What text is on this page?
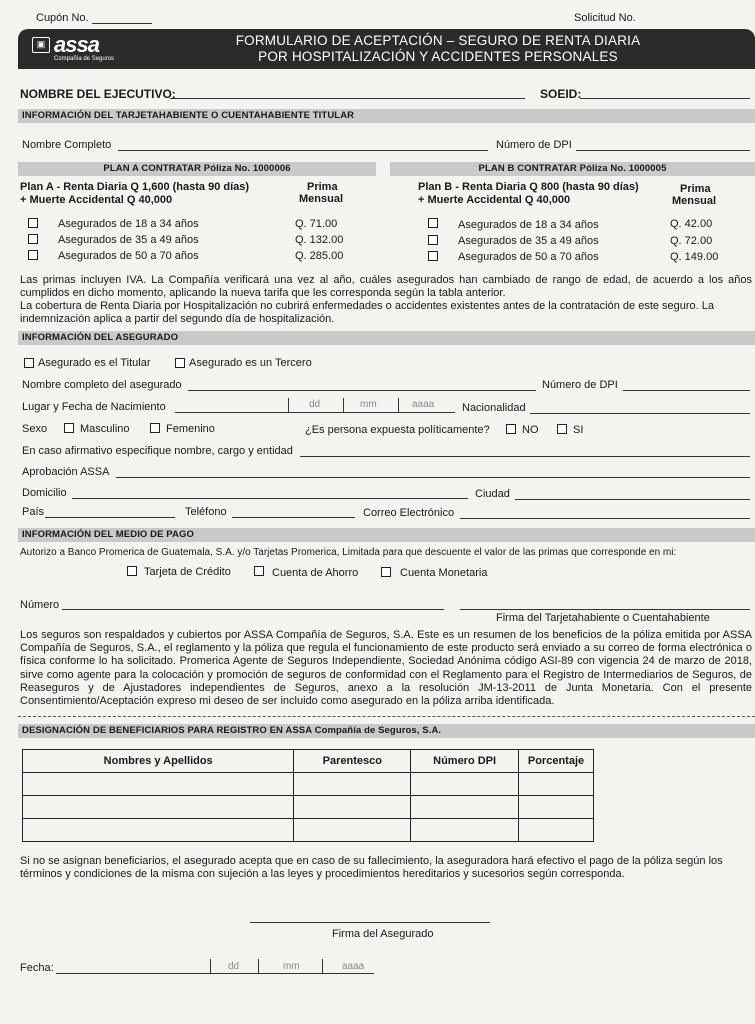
Cupón No.	Solicitud No.
▣ assa
Compañía de Seguros
FORMULARIO DE ACEPTACIÓN – SEGURO DE RENTA DIARIA
POR HOSPITALIZACIÓN Y ACCIDENTES PERSONALES
NOMBRE DEL EJECUTIVO:	SOEID:
INFORMACIÓN DEL TARJETAHABIENTE O CUENTAHABIENTE TITULAR
Nombre Completo	Número de DPI
PLAN A CONTRATAR Póliza No. 1000006	PLAN B CONTRATAR Póliza No. 1000005
Plan A - Renta Diaria Q 1,600 (hasta 90 días)
+ Muerte Accidental Q 40,000
Prima
Mensual
Asegurados de 18 a 34 años	Q. 71.00
Asegurados de 35 a 49 años	Q. 132.00
Asegurados de 50 a 70 años	Q. 285.00
Plan B - Renta Diaria Q 800 (hasta 90 días)
+ Muerte Accidental Q 40,000
Prima
Mensual
Asegurados de 18 a 34 años	Q. 42.00
Asegurados de 35 a 49 años	Q. 72.00
Asegurados de 50 a 70 años	Q. 149.00
Las primas incluyen IVA. La Compañía verificará una vez al año, cuáles asegurados han cambiado de rango de edad, de acuerdo a los años cumplidos en dicho momento, aplicando la nueva tarifa que les corresponda según la tabla anterior.
La cobertura de Renta Diaria por Hospitalización no cubrirá enfermedades o accidentes existentes antes de la contratación de este seguro. La indemnización aplica a partir del segundo día de hospitalización.
INFORMACIÓN DEL ASEGURADO
Asegurado es el Titular	Asegurado es un Tercero
Nombre completo del asegurado	Número de DPI
Lugar y Fecha de Nacimiento	dd	mm	aaaa	Nacionalidad
Sexo	Masculino	Femenino	¿Es persona expuesta políticamente?	NO	SI
En caso afirmativo especifique nombre, cargo y entidad
Aprobación ASSA
Domicilio	Ciudad
País	Teléfono	Correo Electrónico
INFORMACIÓN DEL MEDIO DE PAGO
Autorizo a Banco Promerica de Guatemala, S.A. y/o Tarjetas Promerica, Limitada para que descuente el valor de las primas que corresponde en mi:
Tarjeta de Crédito	Cuenta de Ahorro	Cuenta Monetaria
Número
Firma del Tarjetahabiente o Cuentahabiente
Los seguros son respaldados y cubiertos por ASSA Compañía de Seguros, S.A. Este es un resumen de los beneficios de la póliza emitida por ASSA Compañía de Seguros, S.A., el reglamento y la póliza que regula el funcionamiento de este producto será enviado a su correo de forma electrónica o física conforme lo ha solicitado. Promerica Agente de Seguros Independiente, Sociedad Anónima código ASI-89 con vigencia 24 de marzo de 2018, sirve como agente para la colocación y promoción de seguros de conformidad con el Reglamento para el Registro de Intermediarios de Seguros, de Reaseguros y de Ajustadores independientes de Seguros, anexo a la resolución JM-13-2011 de Junta Monetaria. Con el presente Consentimiento/Aceptación expreso mi deseo de ser incluido como asegurado en la póliza arriba identificada.
DESIGNACIÓN DE BENEFICIARIOS PARA REGISTRO EN ASSA Compañía de Seguros, S.A.
Nombres y Apellidos	Parentesco	Número DPI	Porcentaje

Si no se asignan beneficiarios, el asegurado acepta que en caso de su fallecimiento, la aseguradora hará efectivo el pago de la póliza según los términos y condiciones de la misma con sujeción a las leyes y procedimientos hereditarios y sucesorios según corresponda.
Firma del Asegurado
Fecha:	dd	mm	aaaa
